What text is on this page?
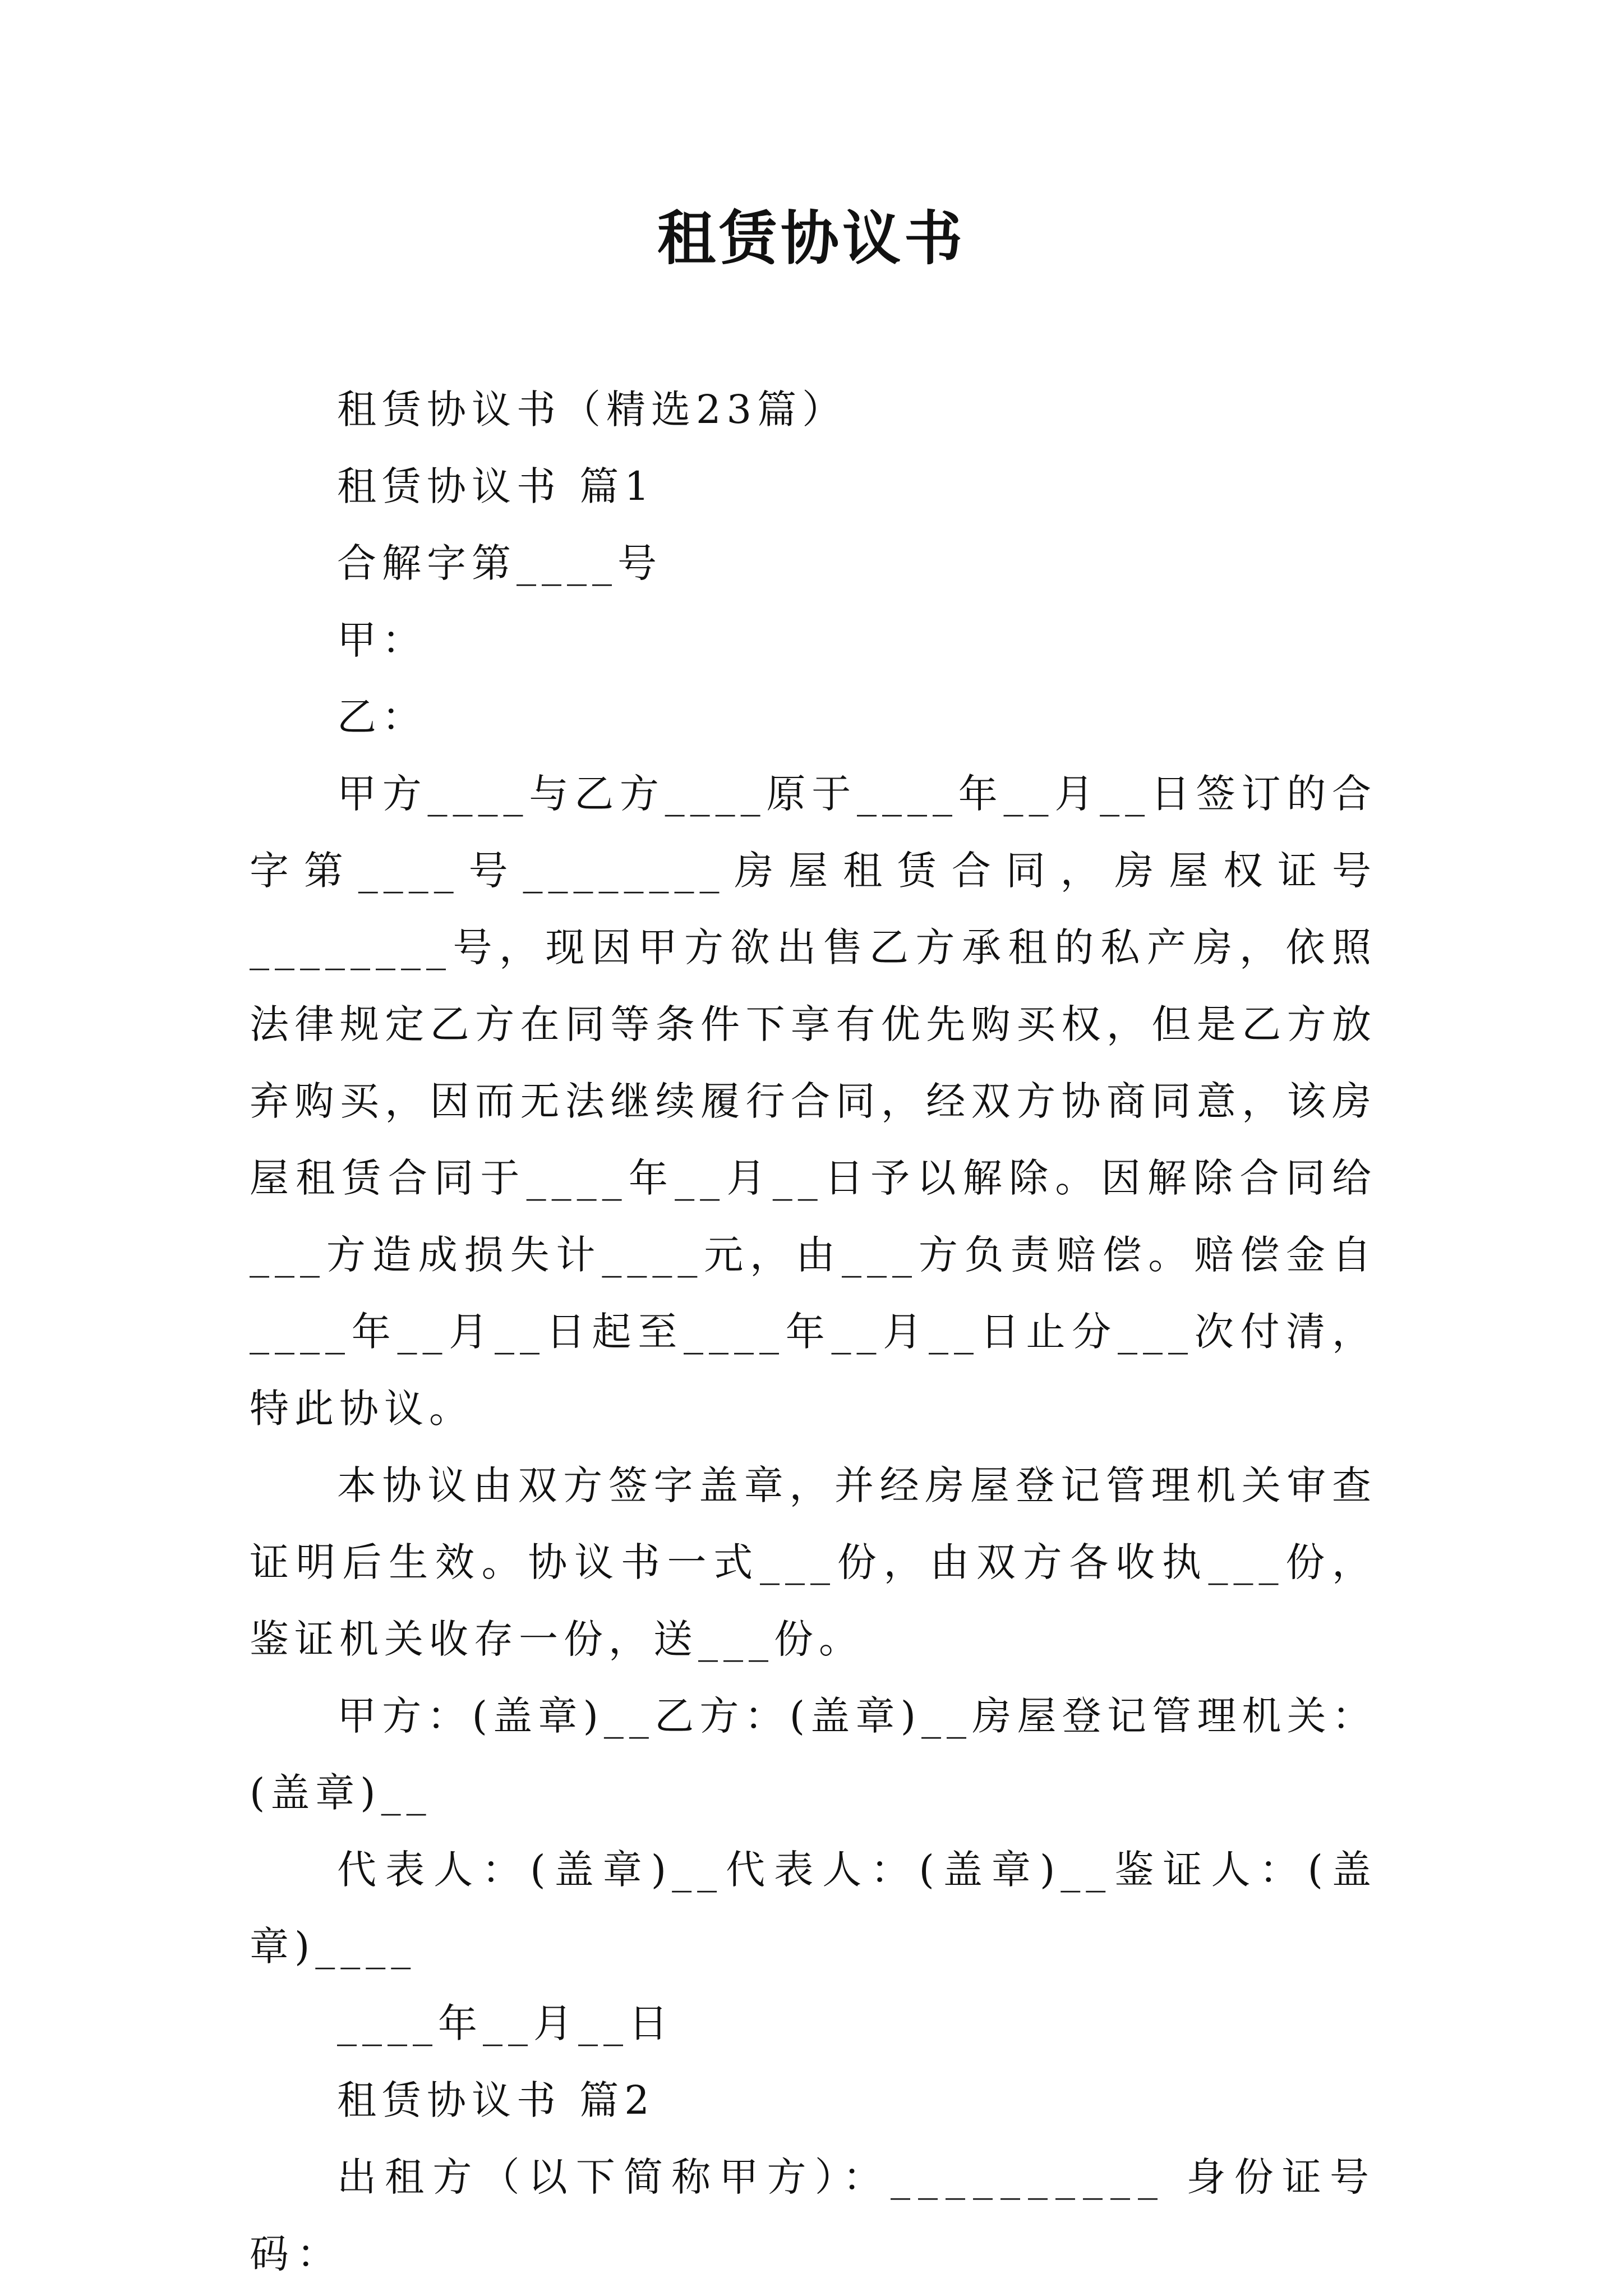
租赁协议书

租赁协议书（精选23篇）

租赁协议书 篇1

合解字第____号

甲：

乙：

甲方____与乙方____原于____年__月__日签订的合字第____号________房屋租赁合同，房屋权证号________号，现因甲方欲出售乙方承租的私产房，依照法律规定乙方在同等条件下享有优先购买权，但是乙方放弃购买，因而无法继续履行合同，经双方协商同意，该房屋租赁合同于____年__月__日予以解除。因解除合同给___方造成损失计____元，由___方负责赔偿。赔偿金自____年__月__日起至____年__月__日止分___次付清，特此协议。

本协议由双方签字盖章，并经房屋登记管理机关审查证明后生效。协议书一式___份，由双方各收执___份，鉴证机关收存一份，送___份。

甲方：(盖章)__乙方：(盖章)__房屋登记管理机关：(盖章)__

代表人：(盖章)__代表人：(盖章)__鉴证人：(盖章)____

____年__月__日

租赁协议书 篇2

出租方（以下简称甲方）：__________ 身份证号码：
